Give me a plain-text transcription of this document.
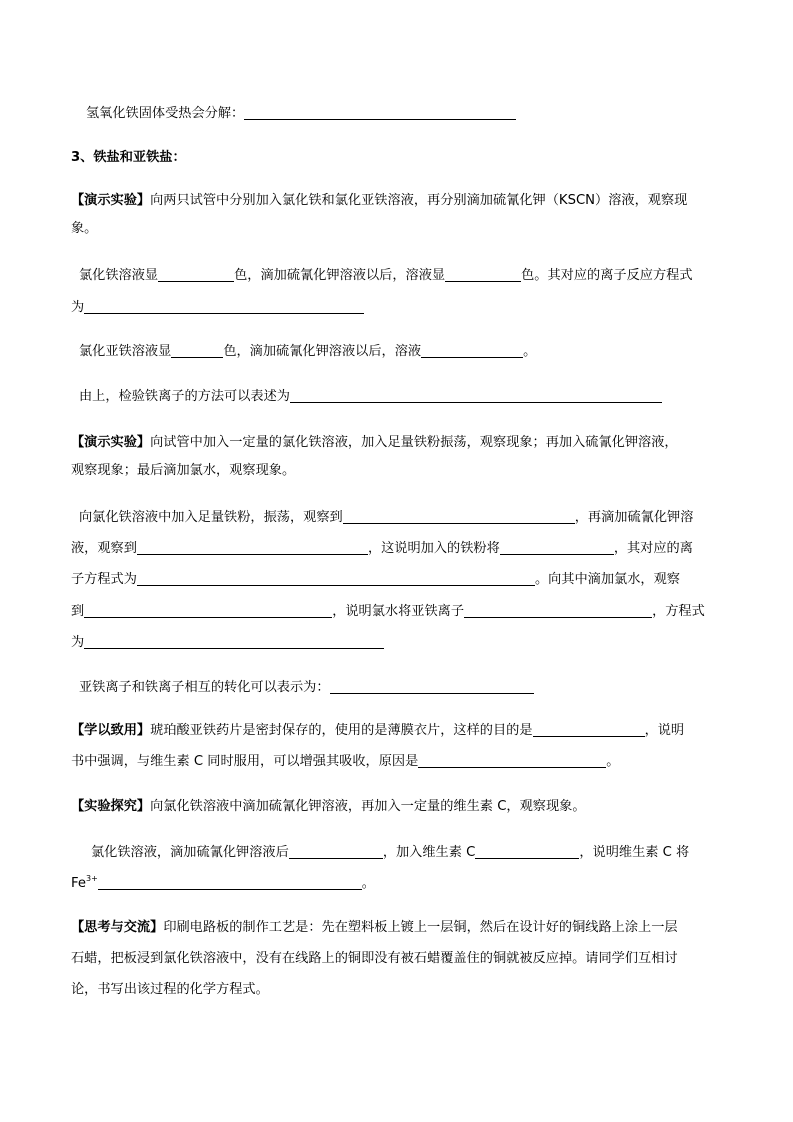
氢氧化铁固体受热会分解：
3、铁盐和亚铁盐：
【演示实验】向两只试管中分别加入氯化铁和氯化亚铁溶液，再分别滴加硫氰化钾（KSCN）溶液，观察现
象。
氯化铁溶液显	色，滴加硫氰化钾溶液以后，溶液显	色。其对应的离子反应方程式
为
氯化亚铁溶液显	色，滴加硫氰化钾溶液以后，溶液	。
由上，检验铁离子的方法可以表述为
【演示实验】向试管中加入一定量的氯化铁溶液，加入足量铁粉振荡，观察现象；再加入硫氰化钾溶液，
观察现象；最后滴加氯水，观察现象。
向氯化铁溶液中加入足量铁粉，振荡，观察到	，再滴加硫氰化钾溶
液，观察到	，这说明加入的铁粉将	，其对应的离
子方程式为	。向其中滴加氯水，观察
到	，说明氯水将亚铁离子	，方程式
为
亚铁离子和铁离子相互的转化可以表示为：
【学以致用】琥珀酸亚铁药片是密封保存的，使用的是薄膜衣片，这样的目的是	，说明
书中强调，与维生素 C 同时服用，可以增强其吸收，原因是	。
【实验探究】向氯化铁溶液中滴加硫氰化钾溶液，再加入一定量的维生素 C，观察现象。
氯化铁溶液，滴加硫氰化钾溶液后	，加入维生素 C	，说明维生素 C 将
$Fe^{3+}$	。
【思考与交流】印刷电路板的制作工艺是：先在塑料板上镀上一层铜，然后在设计好的铜线路上涂上一层
石蜡，把板浸到氯化铁溶液中，没有在线路上的铜即没有被石蜡覆盖住的铜就被反应掉。请同学们互相讨
论，书写出该过程的化学方程式。
